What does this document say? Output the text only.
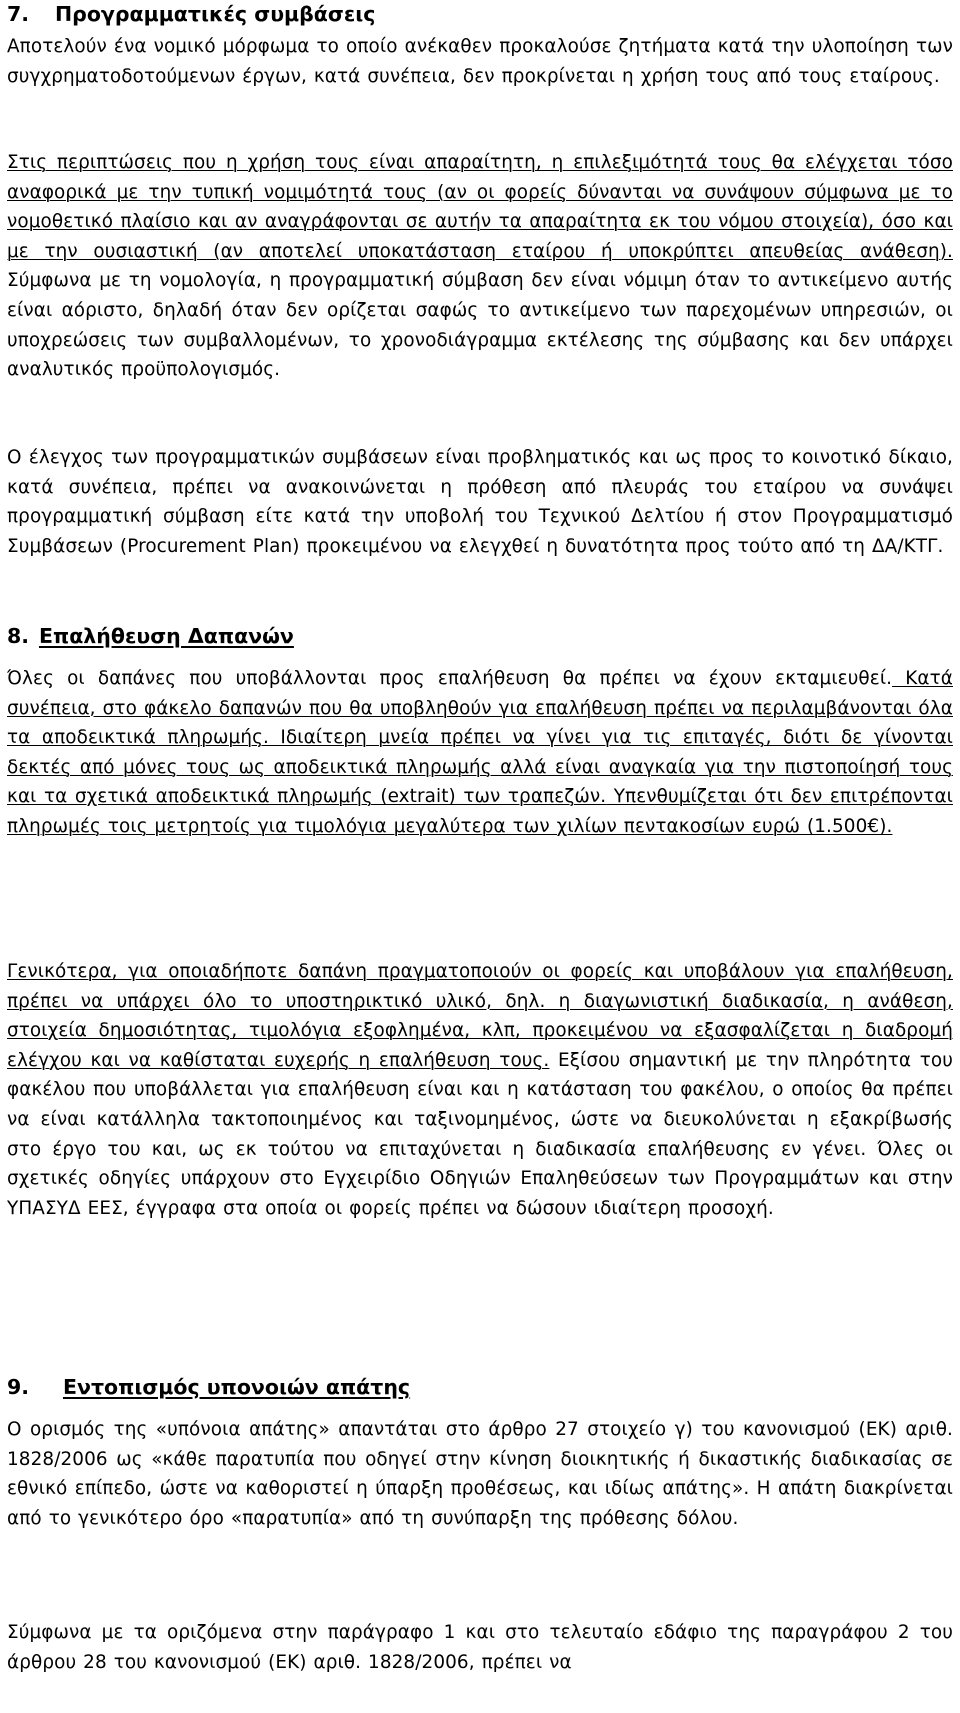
7. Προγραμματικές συμβάσεις

Αποτελούν ένα νομικό μόρφωμα το οποίο ανέκαθεν προκαλούσε ζητήματα κατά την υλοποίηση των συγχρηματοδοτούμενων έργων, κατά συνέπεια, δεν προκρίνεται η χρήση τους από τους εταίρους.

Στις περιπτώσεις που η χρήση τους είναι απαραίτητη, η επιλεξιμότητά τους θα ελέγχεται τόσο αναφορικά με την τυπική νομιμότητά τους (αν οι φορείς δύνανται να συνάψουν σύμφωνα με το νομοθετικό πλαίσιο και αν αναγράφονται σε αυτήν τα απαραίτητα εκ του νόμου στοιχεία), όσο και με την ουσιαστική (αν αποτελεί υποκατάσταση εταίρου ή υποκρύπτει απευθείας ανάθεση). Σύμφωνα με τη νομολογία, η προγραμματική σύμβαση δεν είναι νόμιμη όταν το αντικείμενο αυτής είναι αόριστο, δηλαδή όταν δεν ορίζεται σαφώς το αντικείμενο των παρεχομένων υπηρεσιών, οι υποχρεώσεις των συμβαλλομένων, το χρονοδιάγραμμα εκτέλεσης της σύμβασης και δεν υπάρχει αναλυτικός προϋπολογισμός.

Ο έλεγχος των προγραμματικών συμβάσεων είναι προβληματικός και ως προς το κοινοτικό δίκαιο, κατά συνέπεια, πρέπει να ανακοινώνεται η πρόθεση από πλευράς του εταίρου να συνάψει προγραμματική σύμβαση είτε κατά την υποβολή του Τεχνικού Δελτίου ή στον Προγραμματισμό Συμβάσεων (Procurement Plan) προκειμένου να ελεγχθεί η δυνατότητα προς τούτο από τη ΔΑ/ΚΤΓ.

8. Επαλήθευση Δαπανών

Όλες οι δαπάνες που υποβάλλονται προς επαλήθευση θα πρέπει να έχουν εκταμιευθεί. Κατά συνέπεια, στο φάκελο δαπανών που θα υποβληθούν για επαλήθευση πρέπει να περιλαμβάνονται όλα τα αποδεικτικά πληρωμής. Ιδιαίτερη μνεία πρέπει να γίνει για τις επιταγές, διότι δε γίνονται δεκτές από μόνες τους ως αποδεικτικά πληρωμής αλλά είναι αναγκαία για την πιστοποίησή τους και τα σχετικά αποδεικτικά πληρωμής (extrait) των τραπεζών. Υπενθυμίζεται ότι δεν επιτρέπονται πληρωμές τοις μετρητοίς για τιμολόγια μεγαλύτερα των χιλίων πεντακοσίων ευρώ (1.500€).

Γενικότερα, για οποιαδήποτε δαπάνη πραγματοποιούν οι φορείς και υποβάλουν για επαλήθευση, πρέπει να υπάρχει όλο το υποστηρικτικό υλικό, δηλ. η διαγωνιστική διαδικασία, η ανάθεση, στοιχεία δημοσιότητας, τιμολόγια εξοφλημένα, κλπ, προκειμένου να εξασφαλίζεται η διαδρομή ελέγχου και να καθίσταται ευχερής η επαλήθευση τους. Εξίσου σημαντική με την πληρότητα του φακέλου που υποβάλλεται για επαλήθευση είναι και η κατάσταση του φακέλου, ο οποίος θα πρέπει να είναι κατάλληλα τακτοποιημένος και ταξινομημένος, ώστε να διευκολύνεται η εξακρίβωσής στο έργο του και, ως εκ τούτου να επιταχύνεται η διαδικασία επαλήθευσης εν γένει. Όλες οι σχετικές οδηγίες υπάρχουν στο Εγχειρίδιο Οδηγιών Επαληθεύσεων των Προγραμμάτων και στην ΥΠΑΣΥΔ ΕΕΣ, έγγραφα στα οποία οι φορείς πρέπει να δώσουν ιδιαίτερη προσοχή.

9. Εντοπισμός υπονοιών απάτης

Ο ορισμός της «υπόνοια απάτης» απαντάται στο άρθρο 27 στοιχείο γ) του κανονισμού (ΕΚ) αριθ. 1828/2006 ως «κάθε παρατυπία που οδηγεί στην κίνηση διοικητικής ή δικαστικής διαδικασίας σε εθνικό επίπεδο, ώστε να καθοριστεί η ύπαρξη προθέσεως, και ιδίως απάτης». Η απάτη διακρίνεται από το γενικότερο όρο «παρατυπία» από τη συνύπαρξη της πρόθεσης δόλου.

Σύμφωνα με τα οριζόμενα στην παράγραφο 1 και στο τελευταίο εδάφιο της παραγράφου 2 του άρθρου 28 του κανονισμού (ΕΚ) αριθ. 1828/2006, πρέπει να
